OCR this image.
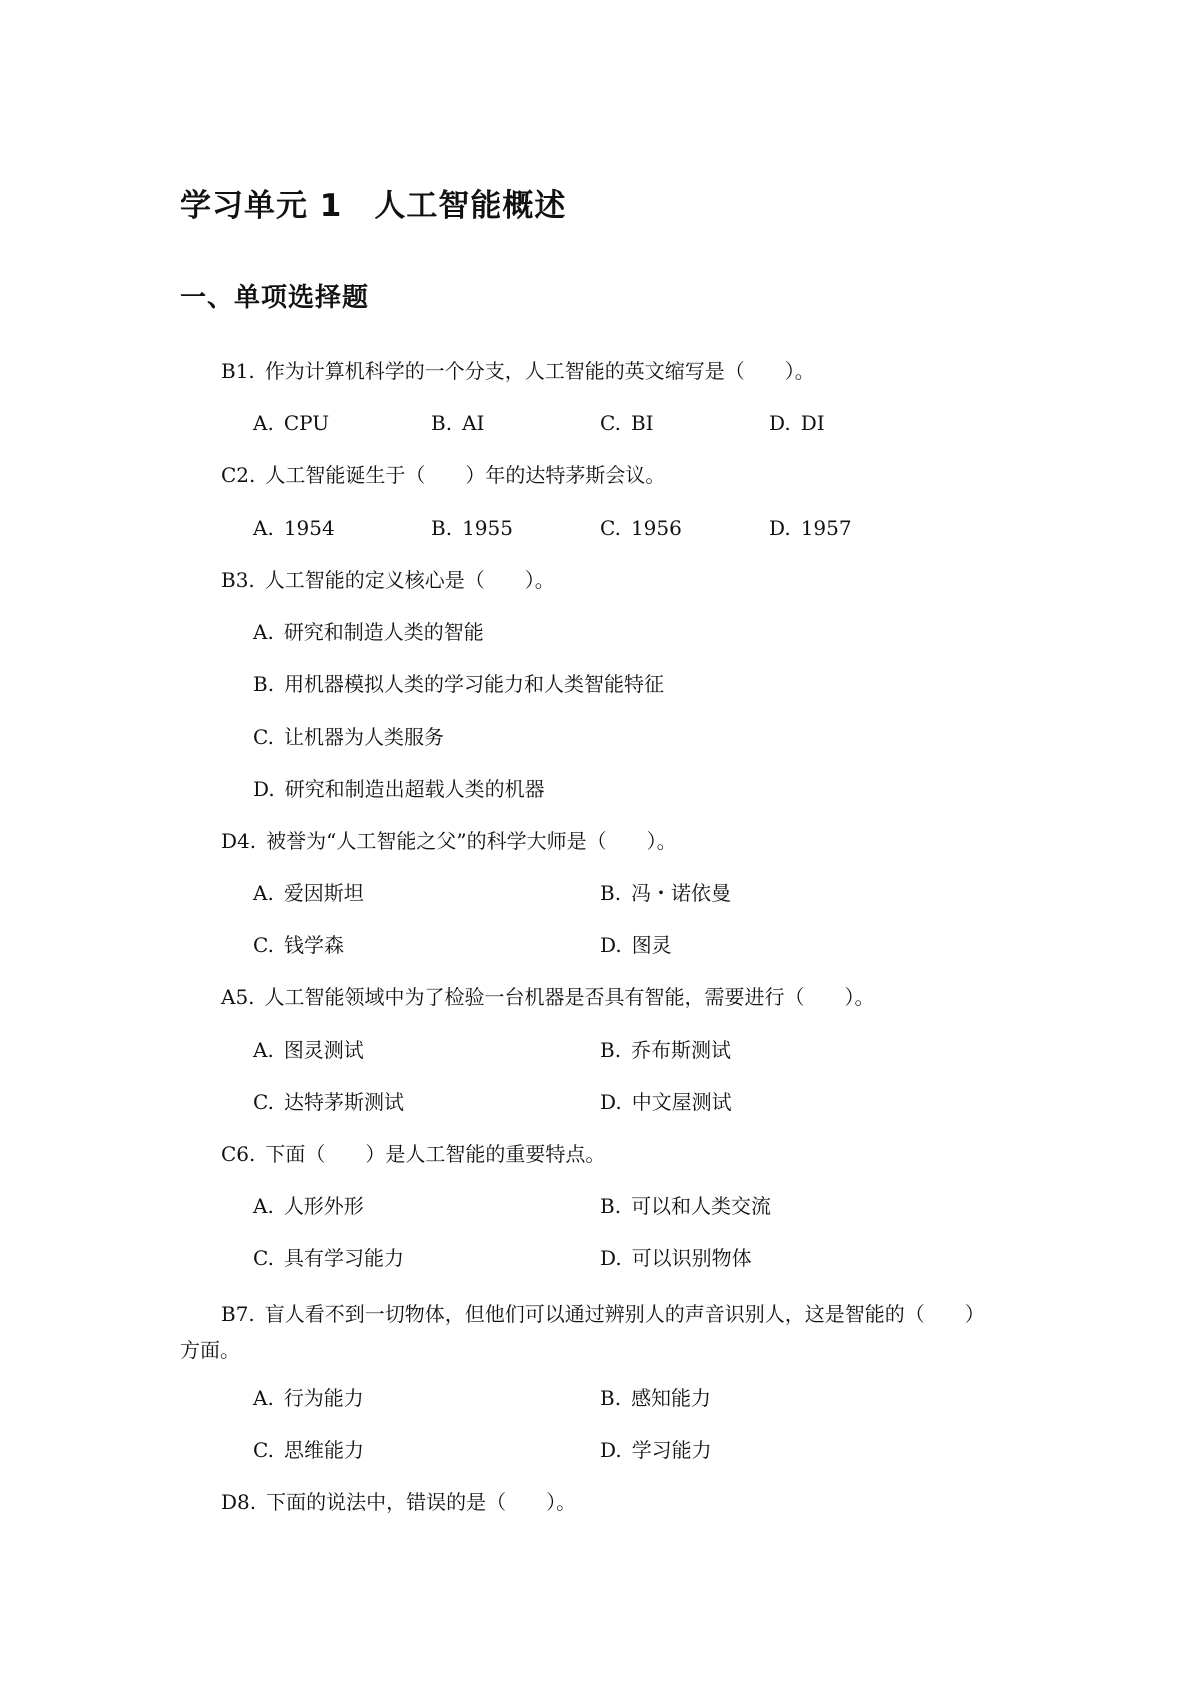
学习单元 1　人工智能概述
一、单项选择题
B1. 作为计算机科学的一个分支，人工智能的英文缩写是（　　）。
A. CPU	B. AI	C. BI	D. DI
C2. 人工智能诞生于（　　）年的达特茅斯会议。
A. 1954	B. 1955	C. 1956	D. 1957
B3. 人工智能的定义核心是（　　）。
A. 研究和制造人类的智能
B. 用机器模拟人类的学习能力和人类智能特征
C. 让机器为人类服务
D. 研究和制造出超载人类的机器
D4. 被誉为“人工智能之父”的科学大师是（　　）。
A. 爱因斯坦	B. 冯・诺依曼
C. 钱学森	D. 图灵
A5. 人工智能领域中为了检验一台机器是否具有智能，需要进行（　　）。
A. 图灵测试	B. 乔布斯测试
C. 达特茅斯测试	D. 中文屋测试
C6. 下面（　　）是人工智能的重要特点。
A. 人形外形	B. 可以和人类交流
C. 具有学习能力	D. 可以识别物体
B7. 盲人看不到一切物体，但他们可以通过辨别人的声音识别人，这是智能的（　　）方面。
A. 行为能力	B. 感知能力
C. 思维能力	D. 学习能力
D8. 下面的说法中，错误的是（　　）。
